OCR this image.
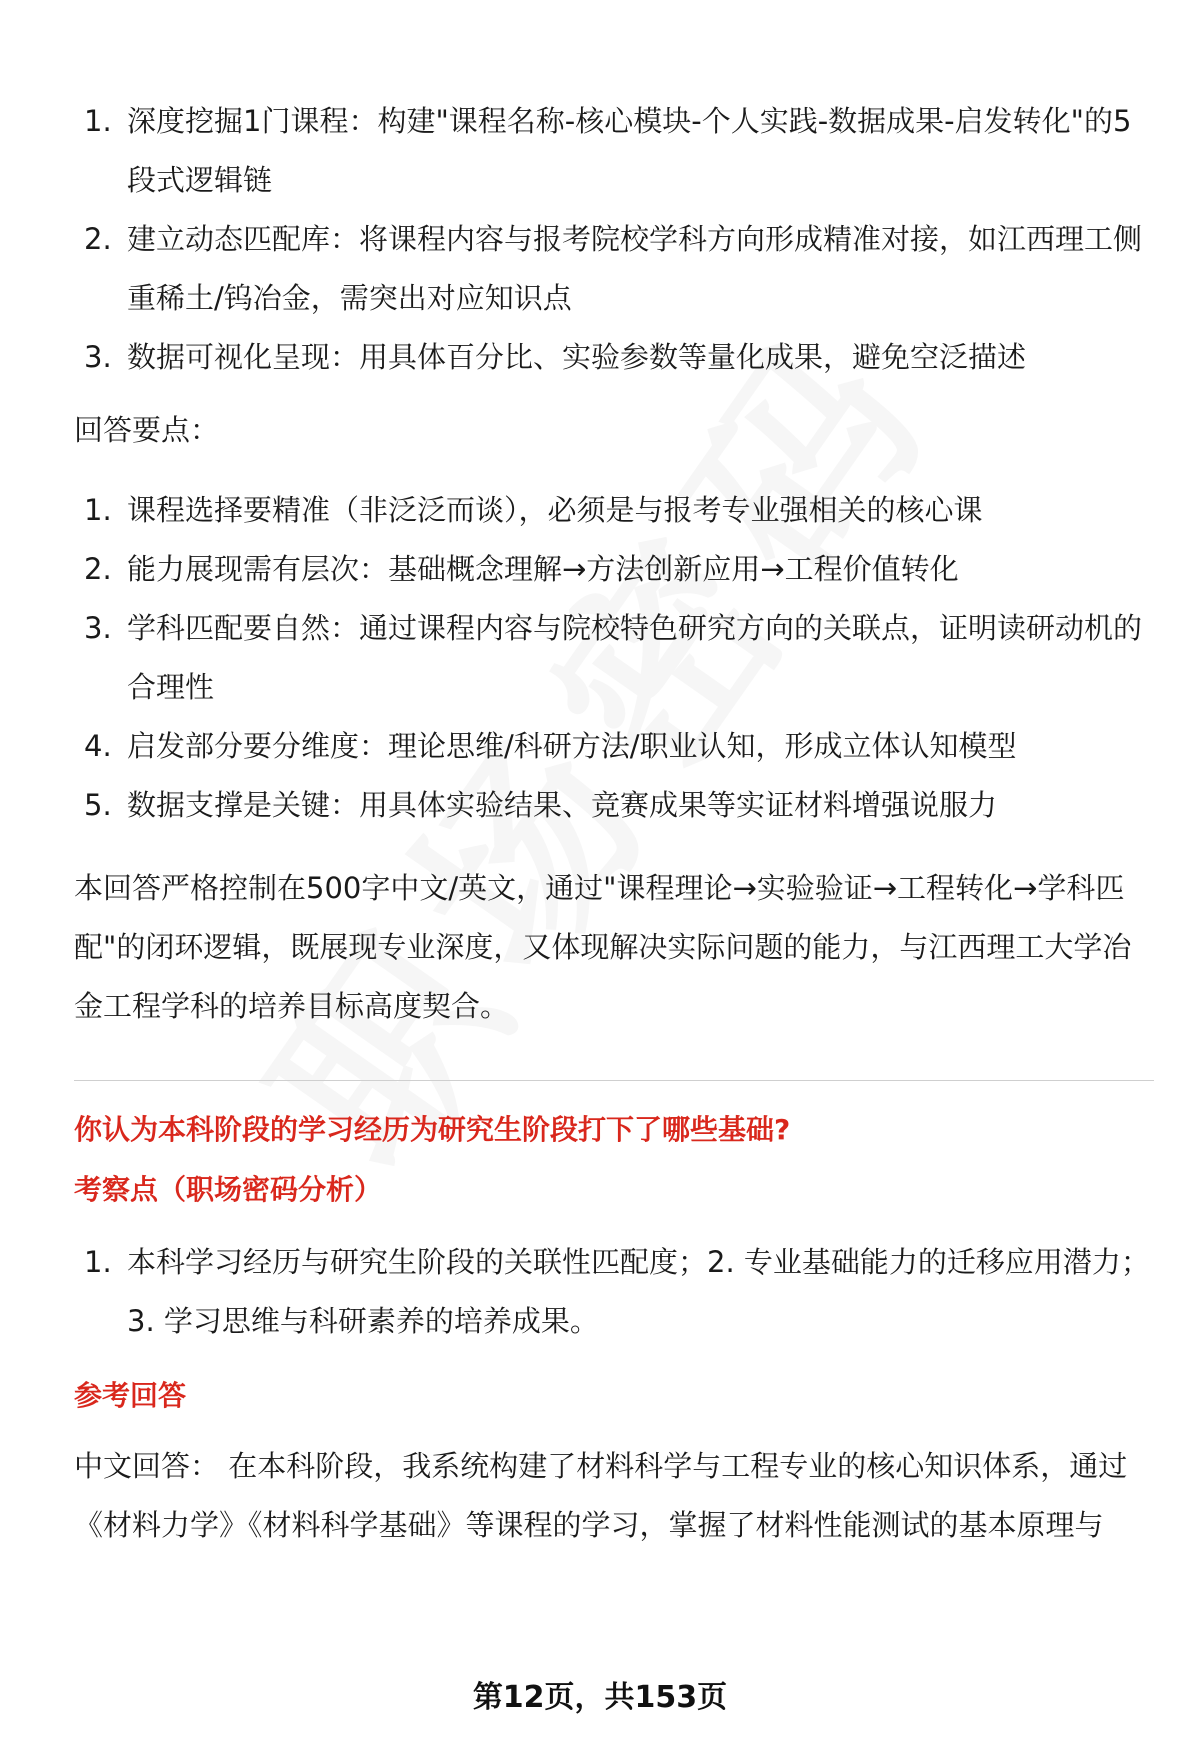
1. 深度挖掘1门课程：构建"课程名称-核心模块-个人实践-数据成果-启发转化"的5段式逻辑链
2. 建立动态匹配库：将课程内容与报考院校学科方向形成精准对接，如江西理工侧重稀土/钨冶金，需突出对应知识点
3. 数据可视化呈现：用具体百分比、实验参数等量化成果，避免空泛描述

回答要点：

1. 课程选择要精准（非泛泛而谈），必须是与报考专业强相关的核心课
2. 能力展现需有层次：基础概念理解→方法创新应用→工程价值转化
3. 学科匹配要自然：通过课程内容与院校特色研究方向的关联点，证明读研动机的合理性
4. 启发部分要分维度：理论思维/科研方法/职业认知，形成立体认知模型
5. 数据支撑是关键：用具体实验结果、竞赛成果等实证材料增强说服力

本回答严格控制在500字中文/英文，通过"课程理论→实验验证→工程转化→学科匹配"的闭环逻辑，既展现专业深度，又体现解决实际问题的能力，与江西理工大学冶金工程学科的培养目标高度契合。

你认为本科阶段的学习经历为研究生阶段打下了哪些基础?

考察点（职场密码分析）

1. 本科学习经历与研究生阶段的关联性匹配度；2. 专业基础能力的迁移应用潜力；3. 学习思维与科研素养的培养成果。

参考回答

中文回答： 在本科阶段，我系统构建了材料科学与工程专业的核心知识体系，通过《材料力学》《材料科学基础》等课程的学习，掌握了材料性能测试的基本原理与

第12页，共153页
